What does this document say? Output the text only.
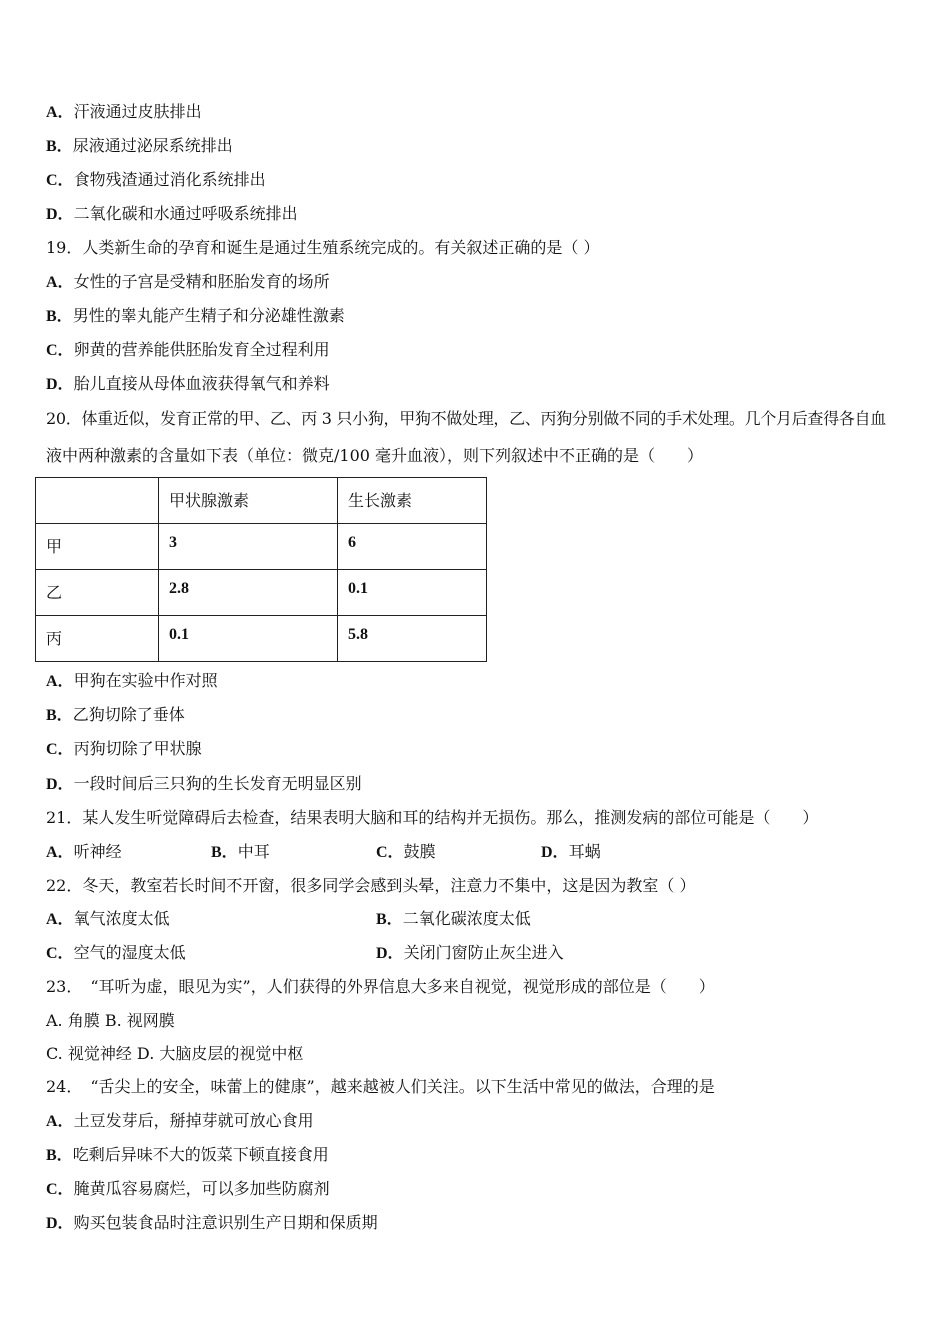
A．汗液通过皮肤排出
B．尿液通过泌尿系统排出
C．食物残渣通过消化系统排出
D．二氧化碳和水通过呼吸系统排出
19．人类新生命的孕育和诞生是通过生殖系统完成的。有关叙述正确的是（ ）
A．女性的子宫是受精和胚胎发育的场所
B．男性的睾丸能产生精子和分泌雄性激素
C．卵黄的营养能供胚胎发育全过程利用
D．胎儿直接从母体血液获得氧气和养料
20．体重近似，发育正常的甲、乙、丙 3 只小狗，甲狗不做处理，乙、丙狗分别做不同的手术处理。几个月后查得各自血
液中两种激素的含量如下表（单位：微克/100 毫升血液），则下列叙述中不正确的是（　　）
	甲状腺激素	生长激素
甲	3	6
乙	2.8	0.1
丙	0.1	5.8
A．甲狗在实验中作对照
B．乙狗切除了垂体
C．丙狗切除了甲状腺
D．一段时间后三只狗的生长发育无明显区别
21．某人发生听觉障碍后去检查，结果表明大脑和耳的结构并无损伤。那么，推测发病的部位可能是（　　）
A．听神经	B．中耳	C．鼓膜	D．耳蜗
22．冬天，教室若长时间不开窗，很多同学会感到头晕，注意力不集中，这是因为教室（ ）
A．氧气浓度太低	B．二氧化碳浓度太低
C．空气的湿度太低	D．关闭门窗防止灰尘进入
23．　“耳听为虚，眼见为实”，人们获得的外界信息大多来自视觉，视觉形成的部位是（　　）
A. 角膜 B. 视网膜
C. 视觉神经 D. 大脑皮层的视觉中枢
24．　“舌尖上的安全，味蕾上的健康”，越来越被人们关注。以下生活中常见的做法，合理的是
A．土豆发芽后，掰掉芽就可放心食用
B．吃剩后异味不大的饭菜下顿直接食用
C．腌黄瓜容易腐烂，可以多加些防腐剂
D．购买包装食品时注意识别生产日期和保质期
